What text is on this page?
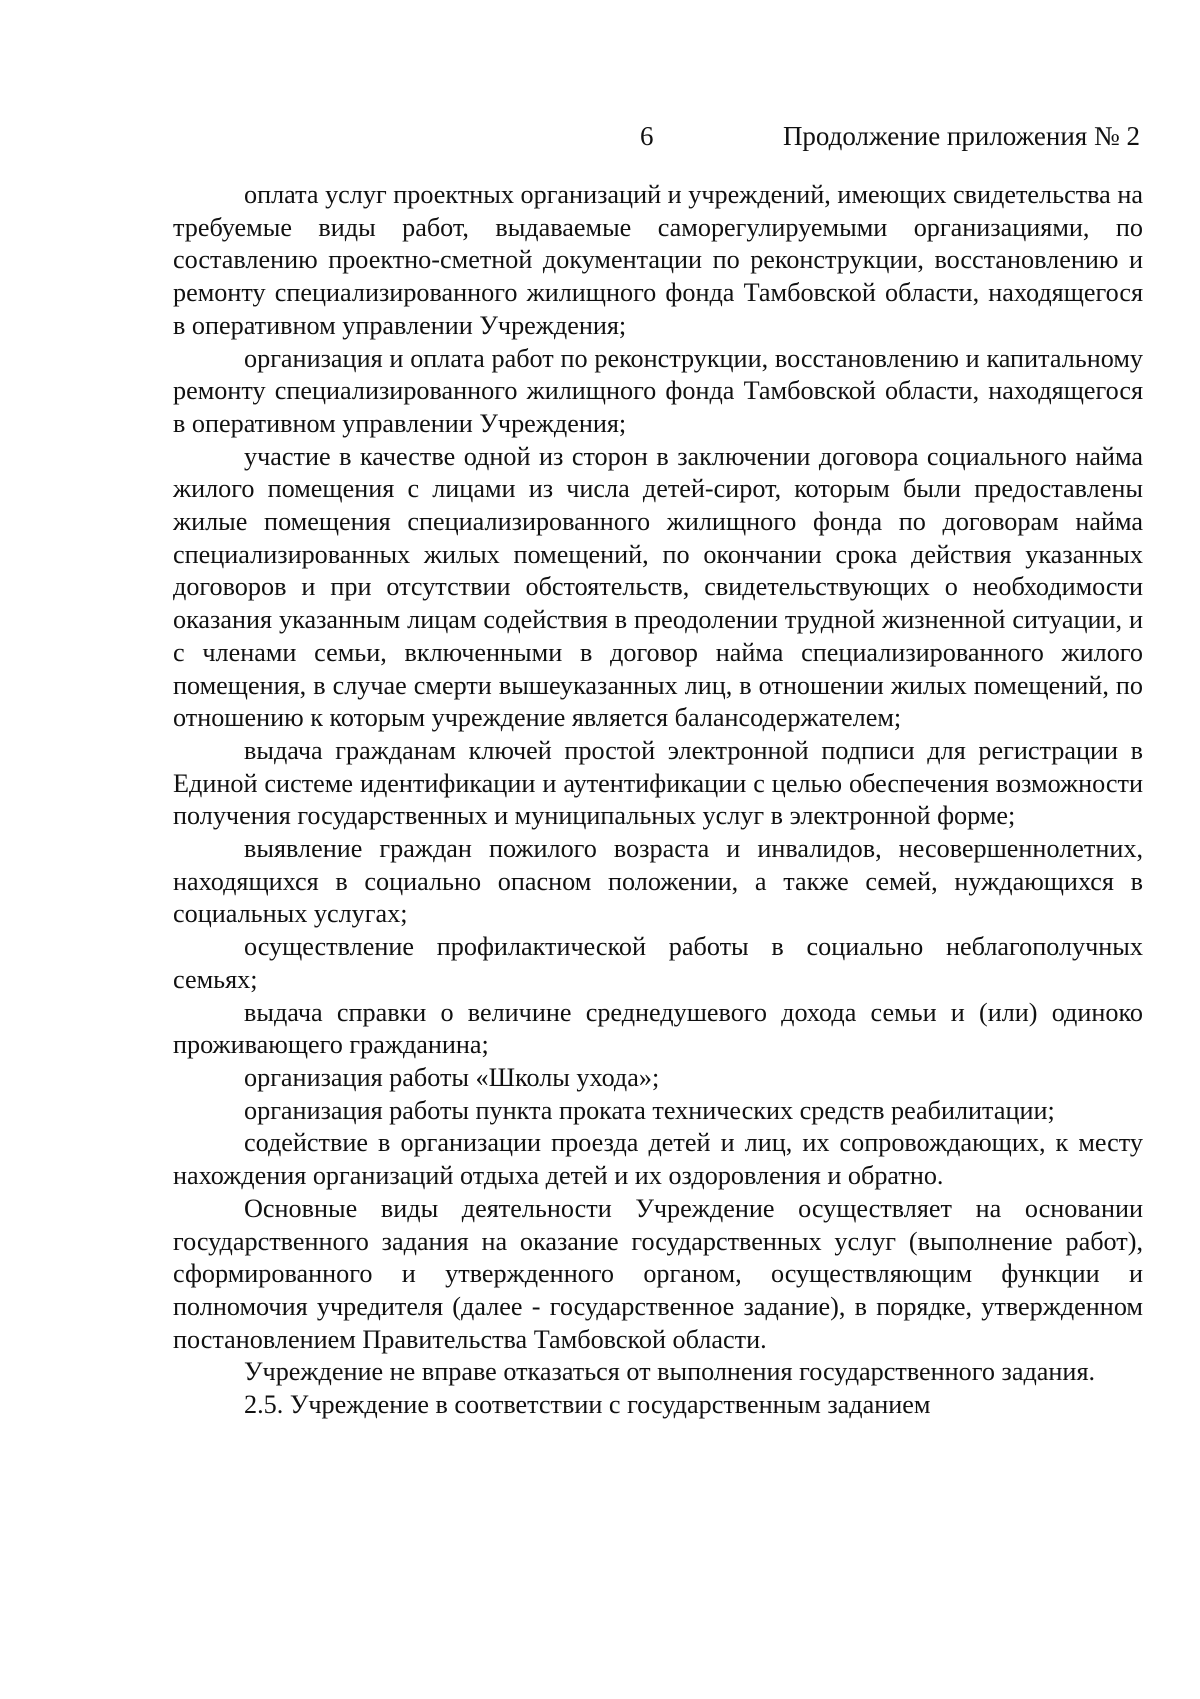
6	Продолжение приложения № 2

оплата услуг проектных организаций и учреждений, имеющих свидетельства на требуемые виды работ, выдаваемые саморегулируемыми организациями, по составлению проектно-сметной документации по реконструкции, восстановлению и ремонту специализированного жилищного фонда Тамбовской области, находящегося в оперативном управлении Учреждения;

организация и оплата работ по реконструкции, восстановлению и капитальному ремонту специализированного жилищного фонда Тамбовской области, находящегося в оперативном управлении Учреждения;

участие в качестве одной из сторон в заключении договора социального найма жилого помещения с лицами из числа детей-сирот, которым были предоставлены жилые помещения специализированного жилищного фонда по договорам найма специализированных жилых помещений, по окончании срока действия указанных договоров и при отсутствии обстоятельств, свидетельствующих о необходимости оказания указанным лицам содействия в преодолении трудной жизненной ситуации, и с членами семьи, включенными в договор найма специализированного жилого помещения, в случае смерти вышеуказанных лиц, в отношении жилых помещений, по отношению к которым учреждение является балансодержателем;

выдача гражданам ключей простой электронной подписи для регистрации в Единой системе идентификации и аутентификации с целью обеспечения возможности получения государственных и муниципальных услуг в электронной форме;

выявление граждан пожилого возраста и инвалидов, несовершеннолетних, находящихся в социально опасном положении, а также семей, нуждающихся в социальных услугах;

осуществление профилактической работы в социально неблагополучных семьях;

выдача справки о величине среднедушевого дохода семьи и (или) одиноко проживающего гражданина;

организация работы «Школы ухода»;

организация работы пункта проката технических средств реабилитации;

содействие в организации проезда детей и лиц, их сопровождающих, к месту нахождения организаций отдыха детей и их оздоровления и обратно.

Основные виды деятельности Учреждение осуществляет на основании государственного задания на оказание государственных услуг (выполнение работ), сформированного и утвержденного органом, осуществляющим функции и полномочия учредителя (далее - государственное задание), в порядке, утвержденном постановлением Правительства Тамбовской области.

Учреждение не вправе отказаться от выполнения государственного задания.

2.5. Учреждение в соответствии с государственным заданием
